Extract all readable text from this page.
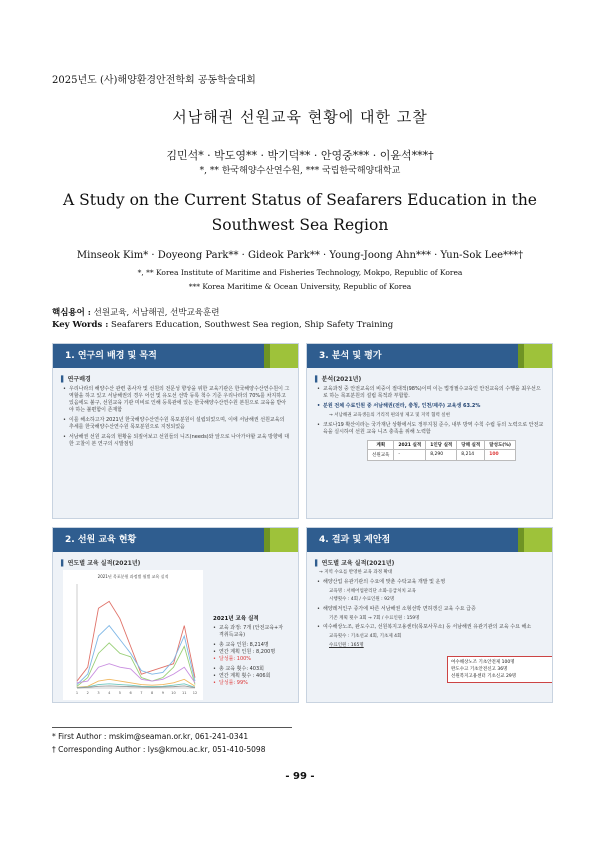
2025년도 (사)해양환경안전학회 공동학술대회
서남해권 선원교육 현황에 대한 고찰
김민석* · 박도영** · 박기덕** · 안영중*** · 이윤석***†
*, ** 한국해양수산연수원, *** 국립한국해양대학교
A Study on the Current Status of Seafarers Education in the Southwest Sea Region
Minseok Kim* · Doyeong Park** · Gideok Park** · Young-Joong Ahn*** · Yun-Sok Lee***†
*, ** Korea Institute of Maritime and Fisheries Technology, Mokpo, Republic of Korea
*** Korea Maritime & Ocean University, Republic of Korea
핵심용어 : 선원교육, 서남해권, 선박교육훈련
Key Words : Seafarers Education, Southwest Sea region, Ship Safety Training
1. 연구의 배경 및 목적
▌ 연구배경
• 우리나라의 해양수산 관련 종사자 및 선원의 전문성 향상을 위한 교육기관은 한국해양수산연수원이 그 역할을 하고 있고 서남해권의 경우 어선 및 유도선 선박 등록 척수 기준 우리나라의 70%를 차지하고 있음에도 불구, 선원교육 기관 미비로 인해 등록관에 있는 한국해양수산연수원 본원으로 교육을 받아야 하는 불편함이 존재함
• 이를 해소하고자 2021년 한국해양수산연수원 목포분원이 설립되었으며, 이에 서남해권 선원교육의 추세를 한국해양수산연수원 목포분원으로 지정되었음
• 서남해권 선원 교육의 현황을 되짚어보고 선원들의 니즈(needs)와 앞으로 나아가야할 교육 방향에 대한 고찰이 본 연구의 시발점임
3. 분석 및 평가
▌ 분석(2021년)
• 교육과정 중 안전교육의 비중이 절대적(98%)이며 이는 법정필수교육인 안전교육의 수행을 최우선으로 하는 목포분원의 설립 목적과 부합함.
• 분원 전체 수료인원 중 서남해권(전라, 충청, 인천/제주) 교육생 63.2%
→ 서남해권 교육생들의 거리적 편의성 제고 및 지역 협력 실현
• 코로나19 확산이라는 국가재난 상황에서도 정부지침 준수, 내부 방역 수칙 수립 등의 노력으로 안전교육을 실시하여 선원 교육 니즈 충족을 위해 노력함
계획	2021 실적	1인당 실적	당해 실적	달성도(%)
선원교육	-	8,290	8,214	100
2. 선원 교육 현황
▌ 연도별 교육 실적(2021년)
2021년 목포분원 과정별 월별 교육 실적
1 2 3 4 5 6 7 8 9 10 11 12
2021년 교육 실적
• 교육 과정: 7개 (안전교육+자격취득교육)
• 총 교육 인원: 8,214명
• 연간 계획 인원 : 8,200명
• 달성률: 100%
• 총 교육 횟수: 403회
• 연간 계획 횟수 : 406회
• 달성률: 99%
4. 결과 및 제안점
▌ 연도별 교육 실적(2021년)
→ 지역 수요를 반영한 교육 과정 확대
• 해양산업 유관기관의 수요에 맞춘 수탁교육 개발 및 운영
교육명 : 서해어업관리단 소화·응급처치 교육
시행횟수 : 4회 / 수료인원 : 92명
• 해양레저인구 증가에 따른 서남해권 소형선박 면허갱신 교육 수요 급증
기존 계획 횟수 3회 → 7회 / 수료인원 : 159명
• 여수해상노조, 완도수고, 선원복지고용센터(목포사무소) 등 서남해권 유관기관의 교육 수요 해소
교육횟수 : 기초선교 4회, 기초제 4회
수료인원 : 165명
여수해상노조 기초안전제 100명
완도수고 기초안전신고 36명
선원복지고용센터 기초신교 29명
* First Author : mskim@seaman.or.kr, 061-241-0341
† Corresponding Author : lys@kmou.ac.kr, 051-410-5098
- 99 -
